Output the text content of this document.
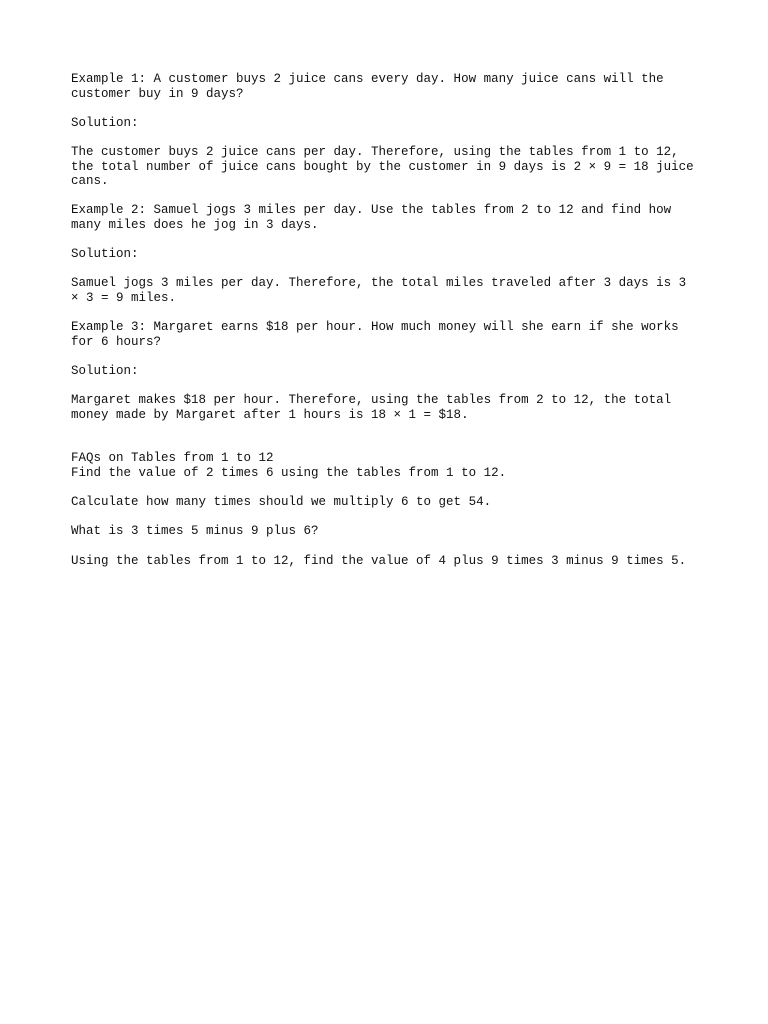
Example 1: A customer buys 2 juice cans every day. How many juice cans will the
customer buy in 9 days?

Solution:

The customer buys 2 juice cans per day. Therefore, using the tables from 1 to 12,
the total number of juice cans bought by the customer in 9 days is 2 × 9 = 18 juice
cans.

Example 2: Samuel jogs 3 miles per day. Use the tables from 2 to 12 and find how
many miles does he jog in 3 days.

Solution:

Samuel jogs 3 miles per day. Therefore, the total miles traveled after 3 days is 3
× 3 = 9 miles.

Example 3: Margaret earns $18 per hour. How much money will she earn if she works
for 6 hours?

Solution:

Margaret makes $18 per hour. Therefore, using the tables from 2 to 12, the total
money made by Margaret after 1 hours is 18 × 1 = $18.

FAQs on Tables from 1 to 12

Find the value of 2 times 6 using the tables from 1 to 12.

Calculate how many times should we multiply 6 to get 54.

What is 3 times 5 minus 9 plus 6?

Using the tables from 1 to 12, find the value of 4 plus 9 times 3 minus 9 times 5.
